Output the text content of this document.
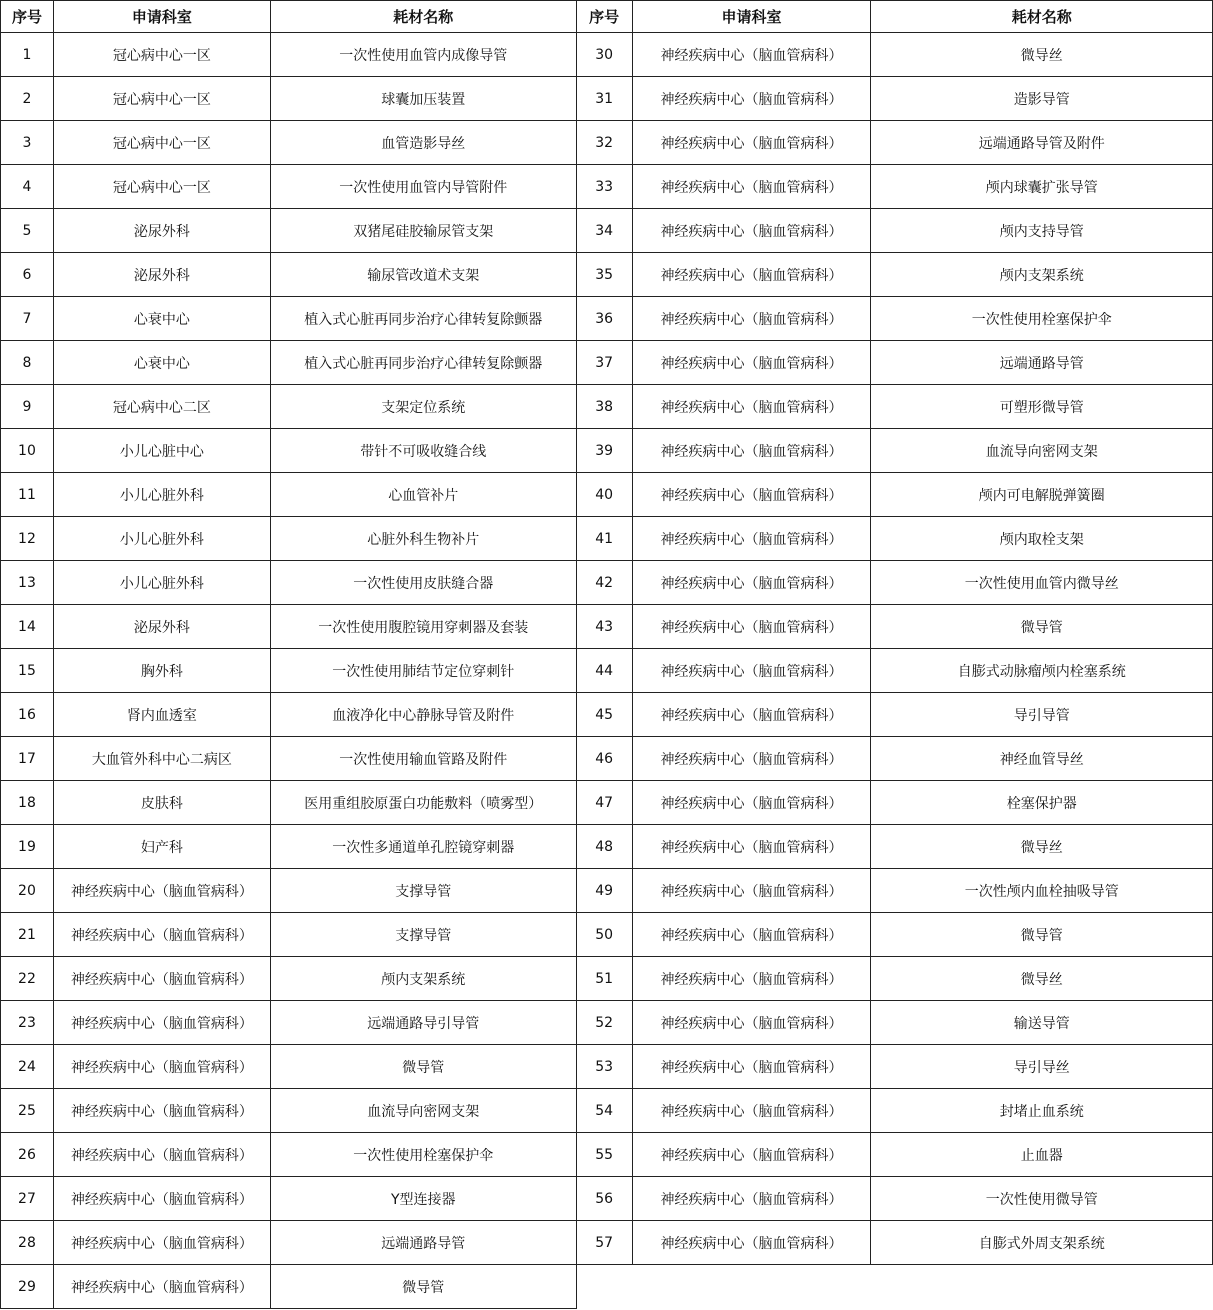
序号	申请科室	耗材名称	序号	申请科室	耗材名称
1	冠心病中心一区	一次性使用血管内成像导管	30	神经疾病中心（脑血管病科）	微导丝
2	冠心病中心一区	球囊加压装置	31	神经疾病中心（脑血管病科）	造影导管
3	冠心病中心一区	血管造影导丝	32	神经疾病中心（脑血管病科）	远端通路导管及附件
4	冠心病中心一区	一次性使用血管内导管附件	33	神经疾病中心（脑血管病科）	颅内球囊扩张导管
5	泌尿外科	双猪尾硅胶输尿管支架	34	神经疾病中心（脑血管病科）	颅内支持导管
6	泌尿外科	输尿管改道术支架	35	神经疾病中心（脑血管病科）	颅内支架系统
7	心衰中心	植入式心脏再同步治疗心律转复除颤器	36	神经疾病中心（脑血管病科）	一次性使用栓塞保护伞
8	心衰中心	植入式心脏再同步治疗心律转复除颤器	37	神经疾病中心（脑血管病科）	远端通路导管
9	冠心病中心二区	支架定位系统	38	神经疾病中心（脑血管病科）	可塑形微导管
10	小儿心脏中心	带针不可吸收缝合线	39	神经疾病中心（脑血管病科）	血流导向密网支架
11	小儿心脏外科	心血管补片	40	神经疾病中心（脑血管病科）	颅内可电解脱弹簧圈
12	小儿心脏外科	心脏外科生物补片	41	神经疾病中心（脑血管病科）	颅内取栓支架
13	小儿心脏外科	一次性使用皮肤缝合器	42	神经疾病中心（脑血管病科）	一次性使用血管内微导丝
14	泌尿外科	一次性使用腹腔镜用穿刺器及套装	43	神经疾病中心（脑血管病科）	微导管
15	胸外科	一次性使用肺结节定位穿刺针	44	神经疾病中心（脑血管病科）	自膨式动脉瘤颅内栓塞系统
16	肾内血透室	血液净化中心静脉导管及附件	45	神经疾病中心（脑血管病科）	导引导管
17	大血管外科中心二病区	一次性使用输血管路及附件	46	神经疾病中心（脑血管病科）	神经血管导丝
18	皮肤科	医用重组胶原蛋白功能敷料（喷雾型）	47	神经疾病中心（脑血管病科）	栓塞保护器
19	妇产科	一次性多通道单孔腔镜穿刺器	48	神经疾病中心（脑血管病科）	微导丝
20	神经疾病中心（脑血管病科）	支撑导管	49	神经疾病中心（脑血管病科）	一次性颅内血栓抽吸导管
21	神经疾病中心（脑血管病科）	支撑导管	50	神经疾病中心（脑血管病科）	微导管
22	神经疾病中心（脑血管病科）	颅内支架系统	51	神经疾病中心（脑血管病科）	微导丝
23	神经疾病中心（脑血管病科）	远端通路导引导管	52	神经疾病中心（脑血管病科）	输送导管
24	神经疾病中心（脑血管病科）	微导管	53	神经疾病中心（脑血管病科）	导引导丝
25	神经疾病中心（脑血管病科）	血流导向密网支架	54	神经疾病中心（脑血管病科）	封堵止血系统
26	神经疾病中心（脑血管病科）	一次性使用栓塞保护伞	55	神经疾病中心（脑血管病科）	止血器
27	神经疾病中心（脑血管病科）	Y型连接器	56	神经疾病中心（脑血管病科）	一次性使用微导管
28	神经疾病中心（脑血管病科）	远端通路导管	57	神经疾病中心（脑血管病科）	自膨式外周支架系统
29	神经疾病中心（脑血管病科）	微导管			
